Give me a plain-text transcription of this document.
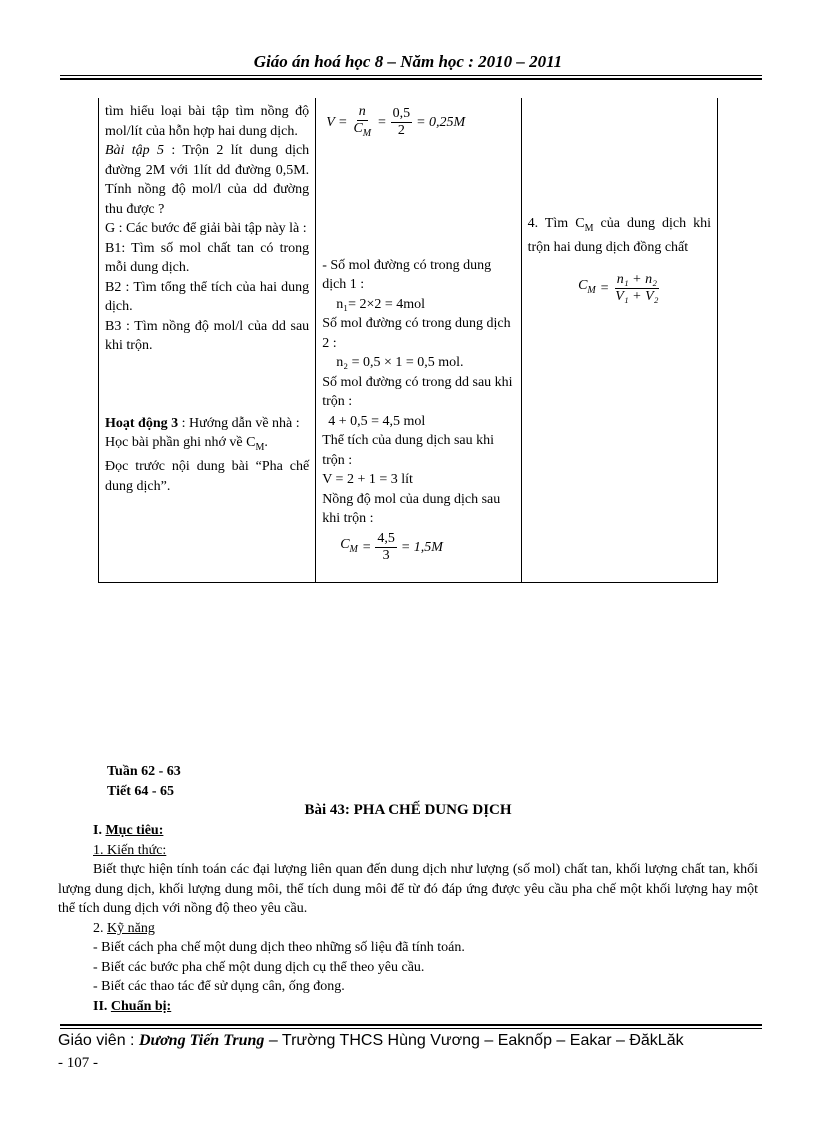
Giáo án hoá học 8 – Năm học : 2010 – 2011
tìm hiểu loại bài tập tìm nồng độ mol/lít của hỗn hợp hai dung dịch.
Bài tập 5 : Trộn 2 lít dung dịch đường 2M với 1lít dd đường 0,5M. Tính nồng độ mol/l của dd đường thu được ?
G : Các bước để giải bài tập này là :
B1: Tìm số mol chất tan có trong mỗi dung dịch.
B2 : Tìm tổng thể tích của hai dung dịch.
B3 : Tìm nồng độ mol/l của dd sau khi trộn.
Hoạt động 3 : Hướng dẫn về nhà :
Học bài phần ghi nhớ về $C_M$.
Đọc trước nội dung bài “Pha chế dung dịch”.

$V = \frac{n}{C_M} = \frac{0,5}{2} = 0,25M$
- Số mol đường có trong dung dịch 1 :
n₁= 2×2 = 4mol
Số mol đường có trong dung dịch 2 :
n₂ = 0,5 × 1 = 0,5 mol.
Số mol đường có trong dd sau khi trộn :
4 + 0,5 = 4,5 mol
Thể tích của dung dịch sau khi trộn :
V = 2 + 1 = 3 lít
Nồng độ mol của dung dịch sau khi trộn :
$C_M = \frac{4,5}{3} = 1,5M$

4. Tìm $C_M$ của dung dịch khi trộn hai dung dịch đồng chất
$C_M = \frac{\text{n₁ + n₂}}{\text{V₁ + V₂}}$
Tuần 62 - 63
Tiết 64 - 65
Bài 43: PHA CHẾ DUNG DỊCH
I. Mục tiêu:
1. Kiến thức:
Biết thực hiện tính toán các đại lượng liên quan đến dung dịch như lượng (số mol) chất tan, khối lượng chất tan, khối lượng dung dịch, khối lượng dung môi, thể tích dung môi để từ đó đáp ứng được yêu cầu pha chế một khối lượng hay một thể tích dung dịch với nồng độ theo yêu cầu.
2. Kỹ năng
- Biết cách pha chế một dung dịch theo những số liệu đã tính toán.
- Biết các bước pha chế một dung dịch cụ thể theo yêu cầu.
- Biết các thao tác để sử dụng cân, ống đong.
II. Chuẩn bị:
Giáo viên : Dương Tiến Trung – Trường THCS Hùng Vương – Eaknốp – Eakar – ĐăkLăk
- 107 -
